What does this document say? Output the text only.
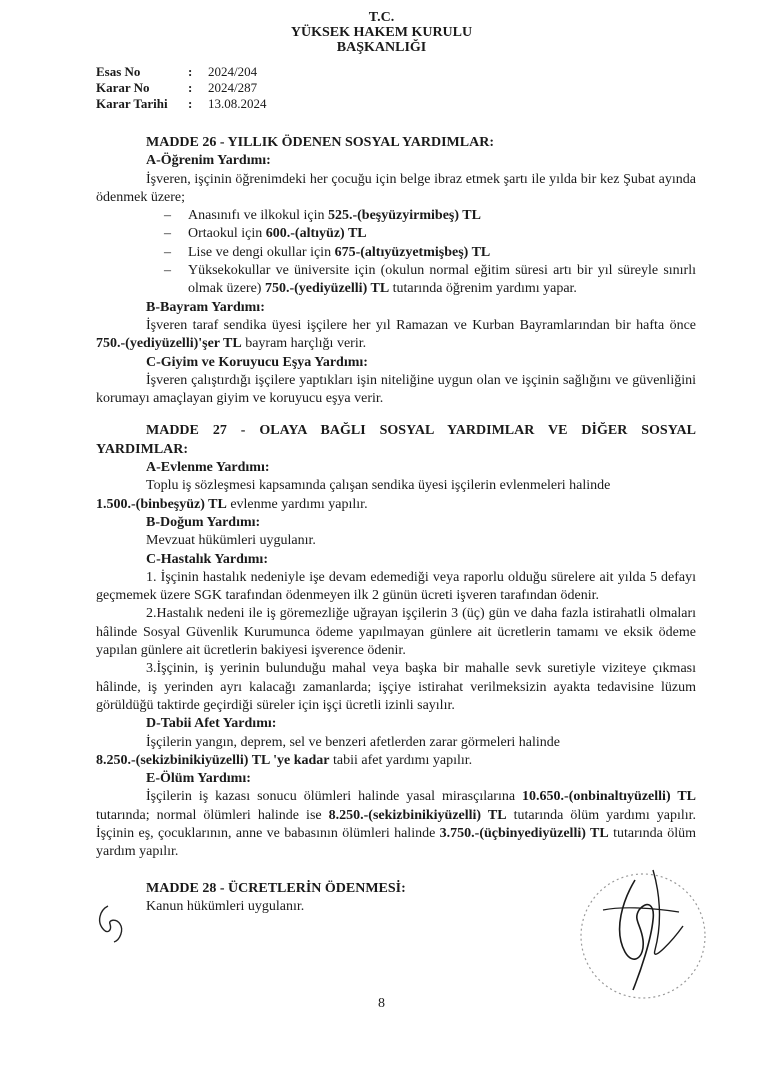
T.C.
YÜKSEK HAKEM KURULU
BAŞKANLIĞI
Esas No	: 2024/204
Karar No	: 2024/287
Karar Tarihi : 13.08.2024
MADDE 26 - YILLIK ÖDENEN SOSYAL YARDIMLAR:
A-Öğrenim Yardımı:
İşveren, işçinin öğrenimdeki her çocuğu için belge ibraz etmek şartı ile yılda bir kez Şubat ayında ödenmek üzere;
– Anasınıfı ve ilkokul için 525.-(beşyüzyirmibeş) TL
– Ortaokul için 600.-(altıyüz) TL
– Lise ve dengi okullar için 675-(altıyüzyetmişbeş) TL
– Yüksekokullar ve üniversite için (okulun normal eğitim süresi artı bir yıl süreyle sınırlı olmak üzere) 750.-(yediyüzelli) TL tutarında öğrenim yardımı yapar.
B-Bayram Yardımı:
İşveren taraf sendika üyesi işçilere her yıl Ramazan ve Kurban Bayramlarından bir hafta önce 750.-(yediyüzelli)'şer TL bayram harçlığı verir.
C-Giyim ve Koruyucu Eşya Yardımı:
İşveren çalıştırdığı işçilere yaptıkları işin niteliğine uygun olan ve işçinin sağlığını ve güvenliğini korumayı amaçlayan giyim ve koruyucu eşya verir.
MADDE 27 - OLAYA BAĞLI SOSYAL YARDIMLAR VE DİĞER SOSYAL YARDIMLAR:
A-Evlenme Yardımı:
Toplu iş sözleşmesi kapsamında çalışan sendika üyesi işçilerin evlenmeleri halinde
1.500.-(binbeşyüz) TL evlenme yardımı yapılır.
B-Doğum Yardımı:
Mevzuat hükümleri uygulanır.
C-Hastalık Yardımı:
1. İşçinin hastalık nedeniyle işe devam edemediği veya raporlu olduğu sürelere ait yılda 5 defayı geçmemek üzere SGK tarafından ödenmeyen ilk 2 günün ücreti işveren tarafından ödenir.
2.Hastalık nedeni ile iş göremezliğe uğrayan işçilerin 3 (üç) gün ve daha fazla istirahatli olmaları hâlinde Sosyal Güvenlik Kurumunca ödeme yapılmayan günlere ait ücretlerin tamamı ve eksik ödeme yapılan günlere ait ücretlerin bakiyesi işverence ödenir.
3.İşçinin, iş yerinin bulunduğu mahal veya başka bir mahalle sevk suretiyle viziteye çıkması hâlinde, iş yerinden ayrı kalacağı zamanlarda; işçiye istirahat verilmeksizin ayakta tedavisine lüzum görüldüğü taktirde geçirdiği süreler için işçi ücretli izinli sayılır.
D-Tabii Afet Yardımı:
İşçilerin yangın, deprem, sel ve benzeri afetlerden zarar görmeleri halinde
8.250.-(sekizbinikiyüzelli) TL 'ye kadar tabii afet yardımı yapılır.
E-Ölüm Yardımı:
İşçilerin iş kazası sonucu ölümleri halinde yasal mirasçılarına 10.650.-(onbinaltıyüzelli) TL tutarında; normal ölümleri halinde ise 8.250.-(sekizbinikiyüzelli) TL tutarında ölüm yardımı yapılır. İşçinin eş, çocuklarının, anne ve babasının ölümleri halinde 3.750.-(üçbinyediyüzelli) TL tutarında ölüm yardım yapılır.
MADDE 28 - ÜCRETLERİN ÖDENMESİ:
Kanun hükümleri uygulanır.
8
